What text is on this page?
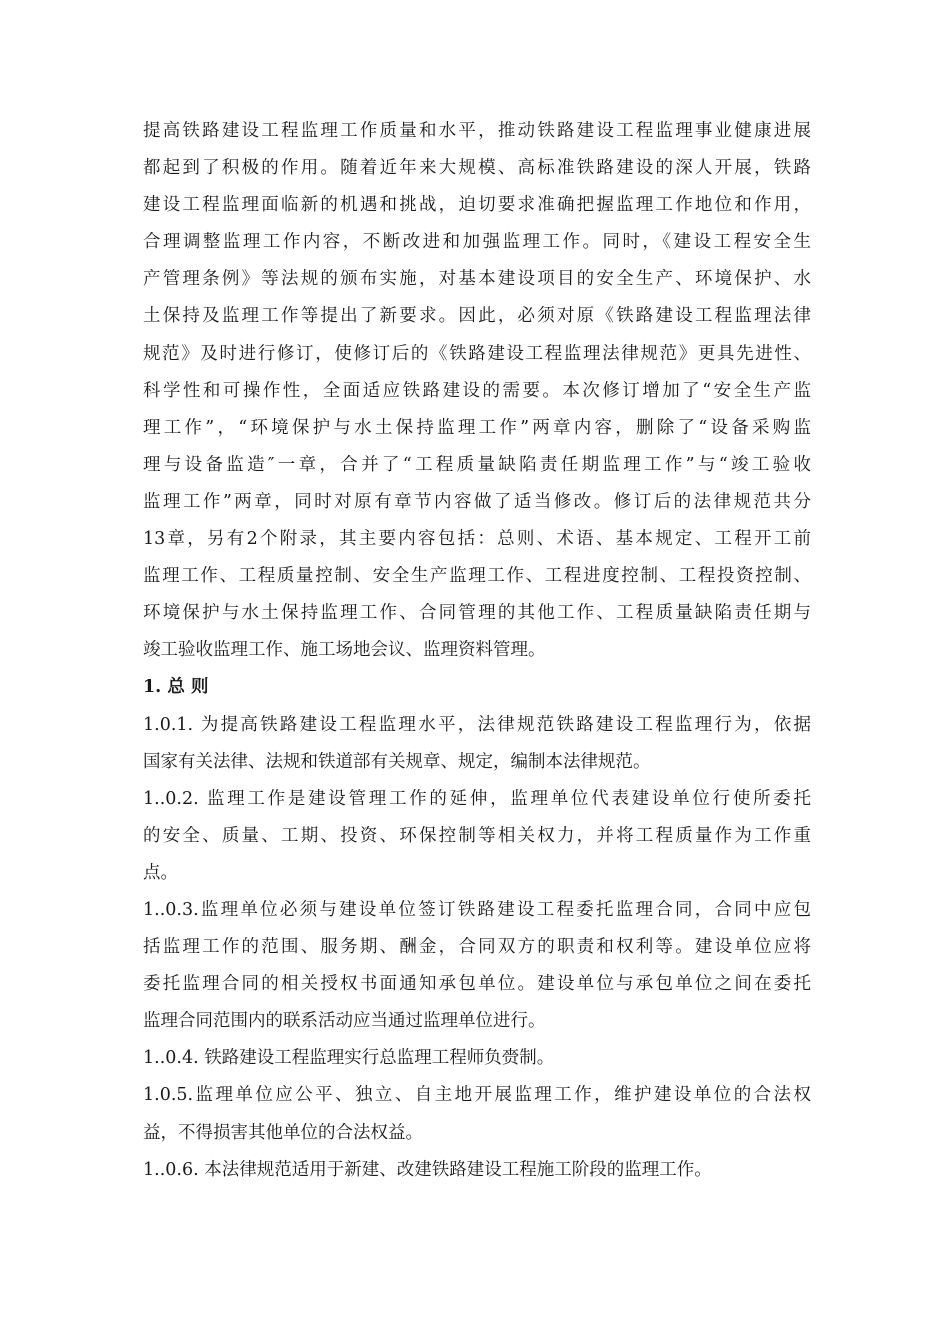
提高铁路建设工程监理工作质量和水平，推动铁路建设工程监理事业健康进展
都起到了积极的作用。随着近年来大规模、高标准铁路建设的深人开展，铁路
建设工程监理面临新的机遇和挑战，迫切要求准确把握监理工作地位和作用，
合理调整监理工作内容，不断改进和加强监理工作。同时，《建设工程安全生
产管理条例》等法规的颁布实施，对基本建设项目的安全生产、环境保护、水
土保持及监理工作等提出了新要求。因此，必须对原《铁路建设工程监理法律
规范》及时进行修订，使修订后的《铁路建设工程监理法律规范》更具先进性、
科学性和可操作性，全面适应铁路建设的需要。本次修订增加了“安全生产监
理工作”，“环境保护与水土保持监理工作”两章内容，删除了“设备采购监
理与设备监造″一章，合并了“工程质量缺陷责任期监理工作”与“竣工验收
监理工作”两章，同时对原有章节内容做了适当修改。修订后的法律规范共分
13章，另有2个附录，其主要内容包括：总则、术语、基本规定、工程开工前
监理工作、工程质量控制、安全生产监理工作、工程进度控制、工程投资控制、
环境保护与水土保持监理工作、合同管理的其他工作、工程质量缺陷责任期与
竣工验收监理工作、施工场地会议、监理资料管理。
1. 总 则
1.0.1. 为提高铁路建设工程监理水平，法律规范铁路建设工程监理行为，依据
国家有关法律、法规和铁道部有关规章、规定，编制本法律规范。
1..0.2. 监理工作是建设管理工作的延伸，监理单位代表建设单位行使所委托
的安全、质量、工期、投资、环保控制等相关权力，并将工程质量作为工作重
点。
1..0.3.监理单位必须与建设单位签订铁路建设工程委托监理合同，合同中应包
括监理工作的范围、服务期、酬金，合同双方的职责和权利等。建设单位应将
委托监理合同的相关授权书面通知承包单位。建设单位与承包单位之间在委托
监理合同范围内的联系活动应当通过监理单位进行。
1..0.4. 铁路建设工程监理实行总监理工程师负赍制。
1.0.5.监理单位应公平、独立、自主地开展监理工作，维护建设单位的合法权
益，不得损害其他单位的合法权益。
1..0.6. 本法律规范适用于新建、改建铁路建设工程施工阶段的监理工作。
